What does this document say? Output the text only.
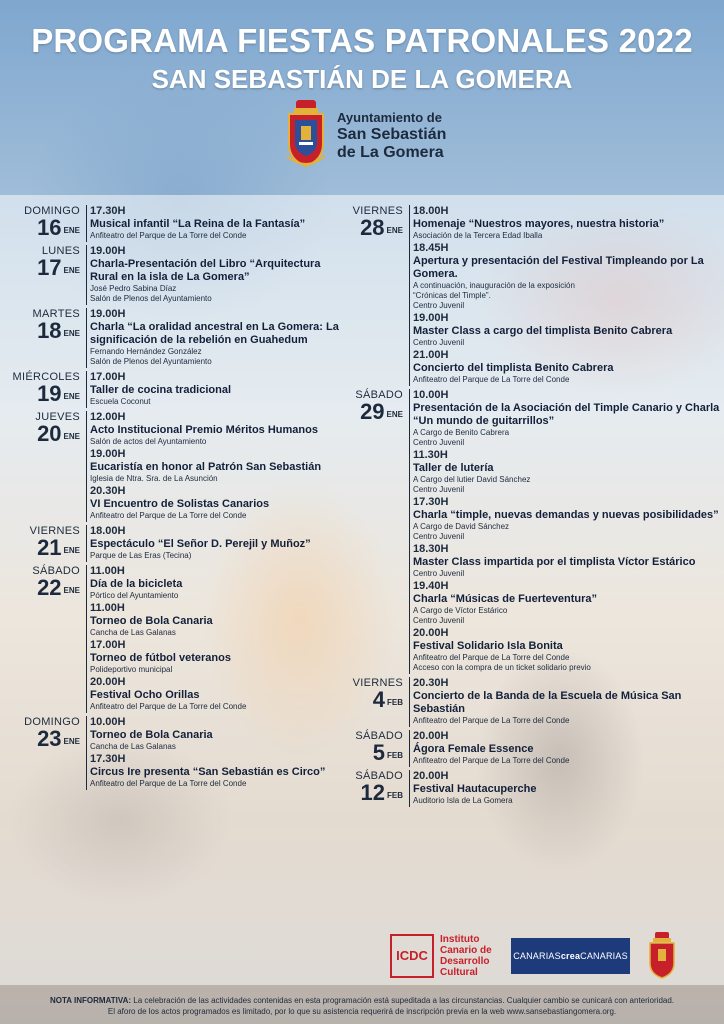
PROGRAMA FIESTAS PATRONALES 2022
SAN SEBASTIÁN DE LA GOMERA
Ayuntamiento de
San Sebastián
de La Gomera
DOMINGO
16 ENE
17.30H
Musical infantil “La Reina de la Fantasía”
Anfiteatro del Parque de La Torre del Conde
LUNES
17 ENE
19.00H
Charla-Presentación del Libro “Arquitectura Rural en la isla de La Gomera”
José Pedro Sabina Díaz
Salón de Plenos del Ayuntamiento
MARTES
18 ENE
19.00H
Charla “La oralidad ancestral en La Gomera: La significación de la rebelión en Guahedum
Fernando Hernández González
Salón de Plenos del Ayuntamiento
MIÉRCOLES
19 ENE
17.00H
Taller de cocina tradicional
Escuela Coconut
JUEVES
20 ENE
12.00H
Acto Institucional Premio Méritos Humanos
Salón de actos del Ayuntamiento
19.00H
Eucaristía en honor al Patrón San Sebastián
Iglesia de Ntra. Sra. de La Asunción
20.30H
VI Encuentro de Solistas Canarios
Anfiteatro del Parque de La Torre del Conde
VIERNES
21 ENE
18.00H
Espectáculo “El Señor D. Perejil y Muñoz”
Parque de Las Eras (Tecina)
SÁBADO
22 ENE
11.00H
Día de la bicicleta
Pórtico del Ayuntamiento
11.00H
Torneo de Bola Canaria
Cancha de Las Galanas
17.00H
Torneo de fútbol veteranos
Polideportivo municipal
20.00H
Festival Ocho Orillas
Anfiteatro del Parque de La Torre del Conde
DOMINGO
23 ENE
10.00H
Torneo de Bola Canaria
Cancha de Las Galanas
17.30H
Circus Ire presenta “San Sebastián es Circo”
Anfiteatro del Parque de La Torre del Conde
VIERNES
28 ENE
18.00H
Homenaje “Nuestros mayores, nuestra historia”
Asociación de la Tercera Edad Iballa
18.45H
Apertura y presentación del Festival Timpleando por La Gomera.
A continuación, inauguración de la exposición
“Crónicas del Timple”.
Centro Juvenil
19.00H
Master Class a cargo del timplista Benito Cabrera
Centro Juvenil
21.00H
Concierto del timplista Benito Cabrera
Anfiteatro del Parque de La Torre del Conde
SÁBADO
29 ENE
10.00H
Presentación de la Asociación del Timple Canario y Charla “Un mundo de guitarrillos”
A Cargo de Benito Cabrera
Centro Juvenil
11.30H
Taller de lutería
A Cargo del lutier David Sánchez
Centro Juvenil
17.30H
Charla “timple, nuevas demandas y nuevas posibilidades”
A Cargo de David Sánchez
Centro Juvenil
18.30H
Master Class impartida por el timplista Víctor Estárico
Centro Juvenil
19.40H
Charla “Músicas de Fuerteventura”
A Cargo de Víctor Estárico
Centro Juvenil
20.00H
Festival Solidario Isla Bonita
Anfiteatro del Parque de La Torre del Conde
Acceso con la compra de un ticket solidario previo
VIERNES
4 FEB
20.30H
Concierto de la Banda de la Escuela de Música San Sebastián
Anfiteatro del Parque de La Torre del Conde
SÁBADO
5 FEB
20.00H
Ágora Female Essence
Anfiteatro del Parque de La Torre del Conde
SÁBADO
12 FEB
20.00H
Festival Hautacuperche
Auditorio Isla de La Gomera
ICDC
Instituto
Canario de
Desarrollo
Cultural
CANARIAScreaCANARIAS
NOTA INFORMATIVA: La celebración de las actividades contenidas en esta programación está supeditada a las circunstancias. Cualquier cambio se cunicará con anterioridad.
El aforo de los actos programados es limitado, por lo que su asistencia requerirá de inscripción previa en la web www.sansebastiangomera.org.
